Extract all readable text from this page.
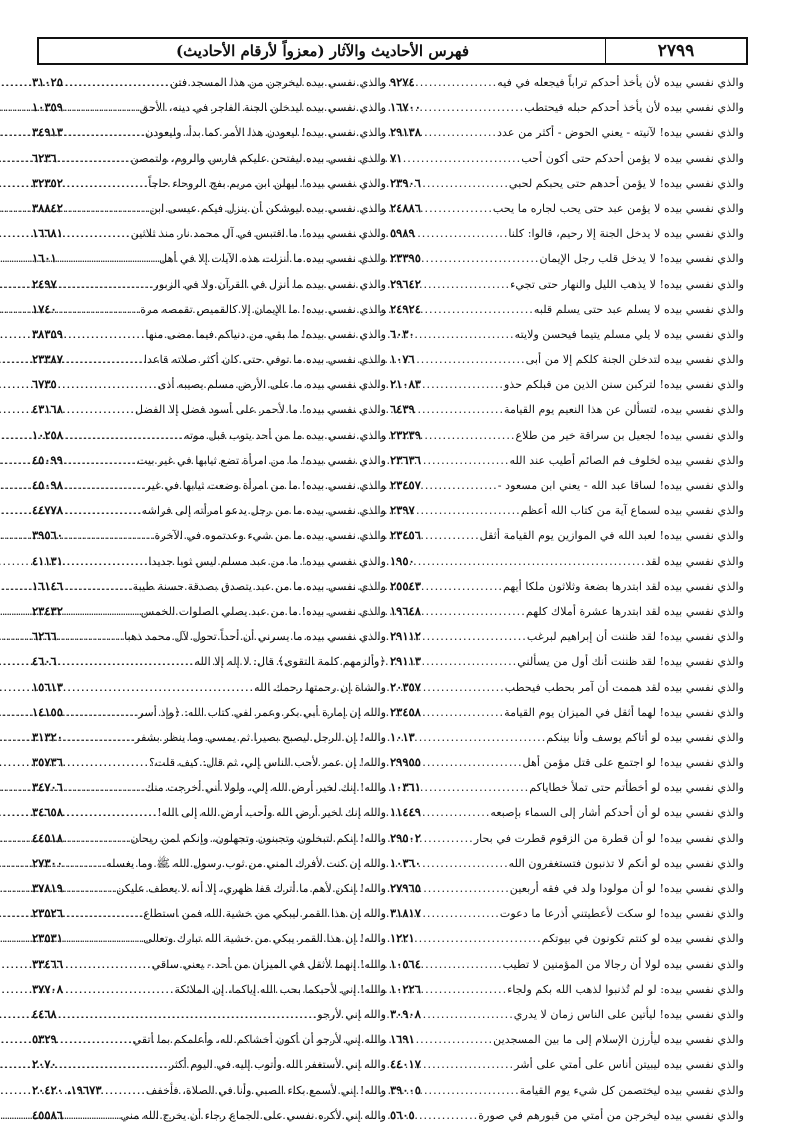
فهرس الأحاديث والآثار (معزواً لأرقام الأحاديث)	٢٧٩٩
والذي نفسي بيده لأن يأخذ أحدكم تراباً فيجعله في فيه
.....
٩٢٧٤
والذي نفسي بيده لأن يأخذ أحدكم حبله فيحتطب
.....
١٦٧٠٠
والذي نفسي بيده! لآنيته - يعني الحوض - أكثر من عدد
.....
٢٩١٣٨
والذي نفسي بيده لا يؤمن أحدكم حتى أكون أحب
.....
٧١
والذي نفسي بيده! لا يؤمن أحدهم حتى يحبكم لحبي
.....
٢٣٩٠٦
والذي نفسي بيده لا يؤمن عبد حتى يحب لجاره ما يحب
.....
٢٤٨٨٦
والذي نفسي بيده لا يدخل الجنة إلا رحيم، قالوا: كلنا
.....
٥٩٨٩
والذي نفسي بيده! لا يدخل قلب رجل الإيمان
.....
٢٣٣٩٥
والذي نفسي بيده! لا يذهب الليل والنهار حتى تجيء
.....
٢٩٦٤٢
والذي نفسي بيده لا يسلم عبد حتى يسلم قلبه
.....
٢٤٩٢٤
والذي نفسي بيده لا يلي مسلم يتيما فيحسن ولايته
.....
٦٠٣٠
والذي نفسي بيده لتدخلن الجنة كلكم إلا من أبى
.....
١٠٧٦
والذي نفسي بيده! لتركبن سنن الذين من قبلكم حذو
.....
٢١٠٨٣
والذي نفسي بيده، لتسألن عن هذا النعيم يوم القيامة
.....
٦٤٣٩
والذي نفسي بيده! لجعيل بن سراقة خير من طلاع
.....
٢٣٢٣٩
والذي نفسي بيده لخلوف فم الصائم أطيب عند الله
.....
٢٣٦٣٦
والذي نفسي بيده! لساقا عبد الله - يعني ابن مسعود -
.....
٢٣٤٥٧
والذي نفسي بيده لسماع آية من كتاب الله أعظم
.....
٢٣٩٧
والذي نفسي بيده! لعبد الله في الموازين يوم القيامة أثقل
.....
٢٣٤٥٦
والذي نفسي بيده لقد
.....
١٩٥٠
والذي نفسي بيده لقد ابتدرها بضعة وثلاثون ملكا أيهم
.....
٢٥٥٤٣
والذي نفسي بيده لقد ابتدرها عشرة أملاك كلهم
.....
١٩٦٤٨
والذي نفسي بيده! لقد ظننت أن إبراهيم لبرغب
.....
٢٩١١٢
والذي نفسي بيده! لقد ظننت أنك أول من يسألني
.....
٢٩١١٣
والذي نفسي بيده لقد هممت أن آمر بحطب فيحطب
.....
٢٠٣٥٧
والذي نفسي بيده! لهما أثقل في الميزان يوم القيامة
.....
٢٣٤٥٨
والذي نفسي بيده لو أتاكم يوسف وأنا بينكم
.....
١٠١٣
والذي نفسي بيده! لو اجتمع على قتل مؤمن أهل
.....
٢٩٩٥٥
والذي نفسي بيده لو أخطأتم حتى تملأ خطاياكم
.....
١٠٣٦١
والذي نفسي بيده لو أن أحدكم أشار إلى السماء بإصبعه
.....
١١٤٤٩
والذي نفسي بيده! لو أن قطرة من الزقوم قطرت في بحار
.....
٢٩٥٠٢
والذي نفسي بيده لو أنكم لا تذنبون فتستغفرون الله
.....
١٠٣٦٠
والذي نفسي بيده! لو أن مولودا ولد في فقه أربعين
.....
٢٧٩٦٥
والذي نفسي بيده! لو سكت لأعطيتني أذرعا ما دعوت
.....
٣١٨١٧
والذي نفسي بيده لو كنتم تكونون في بيوتكم
.....
١٢٢١
والذي نفسي بيده لولا أن رجالا من المؤمنين لا تطيب
.....
١٠٥٦٤
والذي نفسي بيده: لو لم تُذنبوا لذهب الله بكم ولجاء
.....
١٠٢٢٦
والذي نفسي بيده! ليأتين على الناس زمان لا يدري
.....
٣٠٩٠٨
والذي نفسي بيده ليأرزن الإسلام إلى ما بين المسجدين
.....
١٦٩١
والذي نفسي بيده ليبيتن أناس على أمتي على أشر
.....
٤٤٠١٧
والذي نفسي بيده ليختصمن كل شيء يوم القيامة
.....
٣٩٠٠٥
والذي نفسي بيده ليخرجن من أمتي من قبورهم في صورة
.....
٥٦٠٥
والذي نفسي بيده ليخرجن من هذا المسجد فتن
.....
٣١٠٢٥
والذي نفسي بيده ليدخلن الجنة الفاجر في دينه، الأحق
.....
١٠٣٥٩
والذي نفسي بيده! ليعودن هذا الأمر كما بدأ، وليعودن
.....
٣٤٩١٣
والذي نفسي بيده ليفتحن عليكم فارس والروم، ولتمصن
.....
٦٢٣٦
والذي نفسي بيده! ليهلن ابن مريم بفج الروحاء حاجاً
.....
٣٢٣٥٢
والذي نفسي بيده ليوشكن أن ينزل فيكم عيسى ابن
.....
٣٨٨٤٢
والذي نفسي بيده! ما اقتبس في آل محمد نار منذ ثلاثين
.....
١٦٦٨١
والذي نفسي بيده ما أنزلت هذه الآيات إلا في أهل
.....
١٦٠١
والذي نفسي بيده ما أنزل في القرآن ولا في الزبور
.....
٢٤٩٧
والذي نفسي بيده! ما الإيمان إلا كالقميص تقمصه مرة
.....
١٧٤٠
والذي نفسي بيده! ما بقي من دنياكم فيما مضى منها
.....
٣٨٣٥٩
والذي نفسي بيده ما توفي حتى كان أكثر صلاته قاعدا
.....
٢٣٣٨٧
والذي نفسي بيده ما على الأرض مسلم يصيبه أذى
.....
٦٧٣٥
والذي نفسي بيده! ما لأحمر على أسود فضل إلا الفضل
.....
٤٣١٦٨
والذي نفسي بيده ما من أحد يتوب قبل موته
.....
١٠٢٥٨
والذي نفسي بيده! ما من امرأة تضع ثيابها في غير بيت
.....
٤٥٠٩٩
والذي نفسي بيده! ما من امرأة وضعت ثيابها في غير
.....
٤٥٠٩٨
والذي نفسي بيده ما من رجل يدعو امرأته إلى فراشه
.....
٤٤٧٧٨
والذي نفسي بيده ما من شيء وعدتموه في الآخرة
.....
٣٩٥٦٠
والذي نفسي بيده! ما من عبد مسلم ليس ثوبا جديدا
.....
٤١١٣١
والذي نفسي بيده ما من عبد يتصدق بصدقة حسنة طيبة
.....
١٦١٤٦
والذي نفسي بيده! ما من عبد يصلي الصلوات الخمس
.....
٢٣٤٣٢
والذي نفسي بيده ما يسرني أن أحداً تحول لآل محمد ذهبا
.....
٦٢٦٦
﴿وألزمهم كلمة التقوى﴾ قال: لا إله إلا الله
.....
٤٦٠٦
والشاة إن رحمتها رحمك الله
.....
١٥٦١٣
والله إن إمارة أبي بكر وعمر لفي كتاب الله: ﴿وإذ أسر
.....
١٤١٥٥
والله! إن الرجل ليصبح بصيرا ثم يمسي وما ينظر بشفر
.....
٣١٣٢٠
والله! إن عمر لأحب الناس إلي، ثم قال: كيف قلت؟
.....
٣٥٧٣٦
والله! إنك لخير أرض الله إلي، ولولا أني أخرجت منك
.....
٣٤٧٠٦
والله إنك لخير أرض الله وأحب أرض الله إلى الله!
.....
٣٤٦٥٨
والله! إنكم لتبخلون وتجبنون وتجهلون، وإنكم لمن ريحان
.....
٤٤٥١٨
والله إن كنت لأفرك المني من ثوب رسول الله ﷺ وما يغسله
.....
٢٧٣٠٠
والله! إنكن لأهم ما أترك قفا ظهري، إلا أنه لا يعطف عليكن
.....
٣٧٨١٩
والله إن هذا القمر ليبكي من خشية الله فمن استطاع
.....
٢٣٥٢٦
والله! إن هذا القمر يبكي من خشية الله تبارك وتعالى
.....
٢٣٥٣١
والله! إنهما لأثقل في الميزان من أحد - يعني ساقي
.....
٣٣٤٦٦
والله! إني لأحبكما بحب الله إياكما، إن الملائكة
.....
٣٧٧٠٨
والله إني لأرجو
.....
٤٤٦٨
والله إني لأرجو أن أكون أخشاكم لله، وأعلمكم بما أتقي
.....
٥٣٢٩
والله إني لأستغفر الله وأتوب إليه في اليوم أكثر
.....
٢٠٧٠
والله! إني لأسمع بكاء الصبي وأنا في الصلاة، فأخفف
.....
١٩٦٧٣، ٢٠٤٢٠
والله إني لأكره نفسي على الجماع رجاء أن يخرج الله مني
.....
٤٥٥٨٦
